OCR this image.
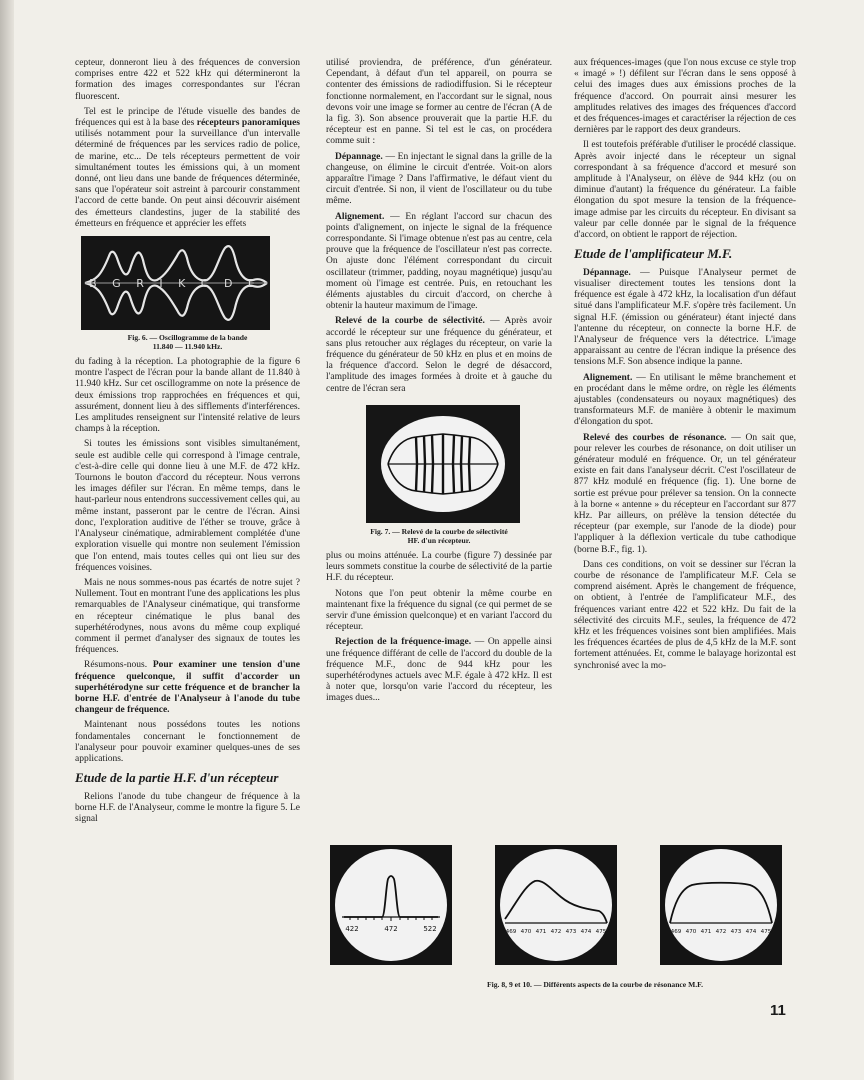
cepteur, donneront lieu à des fréquences de conversion comprises entre 422 et 522 kHz qui détermineront la formation des images correspondantes sur l'écran fluorescent.

Tel est le principe de l'étude visuelle des bandes de fréquences qui est à la base des récepteurs panoramiques utilisés notamment pour la surveillance d'un intervalle déterminé de fréquences par les services radio de police, de marine, etc... De tels récepteurs permettent de voir simultanément toutes les émissions qui, à un moment donné, ont lieu dans une bande de fréquences déterminée, sans que l'opérateur soit astreint à parcourir constamment l'accord de cette bande. On peut ainsi découvrir aisément des émetteurs clandestins, juger de la stabilité des émetteurs en fréquence et apprécier les effets

B G R I K C D E
Fig. 6. — Oscillogramme de la bande
11.840 — 11.940 kHz.

du fading à la réception. La photographie de la figure 6 montre l'aspect de l'écran pour la bande allant de 11.840 à 11.940 kHz. Sur cet oscillogramme on note la présence de deux émissions trop rapprochées en fréquences et qui, assurément, donnent lieu à des sifflements d'interférences. Les amplitudes renseignent sur l'intensité relative de leurs champs à la réception.

Si toutes les émissions sont visibles simultanément, seule est audible celle qui correspond à l'image centrale, c'est-à-dire celle qui donne lieu à une M.F. de 472 kHz. Tournons le bouton d'accord du récepteur. Nous verrons les images défiler sur l'écran. En même temps, dans le haut-parleur nous entendrons successivement celles qui, au même instant, passeront par le centre de l'écran. Ainsi donc, l'exploration auditive de l'éther se trouve, grâce à l'Analyseur cinématique, admirablement complétée d'une exploration visuelle qui montre non seulement l'émission que l'on entend, mais toutes celles qui ont lieu sur des fréquences voisines.

Mais ne nous sommes-nous pas écartés de notre sujet ? Nullement. Tout en montrant l'une des applications les plus remarquables de l'Analyseur cinématique, qui transforme en récepteur cinématique le plus banal des superhétérodynes, nous avons du même coup expliqué comment il permet d'analyser des signaux de toutes les fréquences.

Résumons-nous. Pour examiner une tension d'une fréquence quelconque, il suffit d'accorder un superhétérodyne sur cette fréquence et de brancher la borne H.F. d'entrée de l'Analyseur à l'anode du tube changeur de fréquence.

Maintenant nous possédons toutes les notions fondamentales concernant le fonctionnement de l'analyseur pour pouvoir examiner quelques-unes de ses applications.

Etude de la partie H.F. d'un récepteur

Relions l'anode du tube changeur de fréquence à la borne H.F. de l'Analyseur, comme le montre la figure 5. Le signal

utilisé proviendra, de préférence, d'un générateur. Cependant, à défaut d'un tel appareil, on pourra se contenter des émissions de radiodiffusion. Si le récepteur fonctionne normalement, en l'accordant sur le signal, nous devons voir une image se former au centre de l'écran (A de la fig. 3). Son absence prouverait que la partie H.F. du récepteur est en panne. Si tel est le cas, on procédera comme suit :

Dépannage. — En injectant le signal dans la grille de la changeuse, on élimine le circuit d'entrée. Voit-on alors apparaître l'image ? Dans l'affirmative, le défaut vient du circuit d'entrée. Si non, il vient de l'oscillateur ou du tube même.

Alignement. — En réglant l'accord sur chacun des points d'alignement, on injecte le signal de la fréquence correspondante. Si l'image obtenue n'est pas au centre, cela prouve que la fréquence de l'oscillateur n'est pas correcte. On ajuste donc l'élément correspondant du circuit oscillateur (trimmer, padding, noyau magnétique) jusqu'au moment où l'image est centrée. Puis, en retouchant les éléments ajustables du circuit d'accord, on cherche à obtenir la hauteur maximum de l'image.

Relevé de la courbe de sélectivité. — Après avoir accordé le récepteur sur une fréquence du générateur, et sans plus retoucher aux réglages du récepteur, on varie la fréquence du générateur de 50 kHz en plus et en moins de la fréquence d'accord. Selon le degré de désaccord, l'amplitude des images formées à droite et à gauche du centre de l'écran sera

Fig. 7. — Relevé de la courbe de sélectivité
HF. d'un récepteur.

plus ou moins atténuée. La courbe (figure 7) dessinée par leurs sommets constitue la courbe de sélectivité de la partie H.F. du récepteur.

Notons que l'on peut obtenir la même courbe en maintenant fixe la fréquence du signal (ce qui permet de se servir d'une émission quelconque) et en variant l'accord du récepteur.

Rejection de la fréquence-image. — On appelle ainsi une fréquence différant de celle de l'accord du double de la fréquence M.F., donc de 944 kHz pour les superhétérodynes actuels avec M.F. égale à 472 kHz. Il est à noter que, lorsqu'on varie l'accord du récepteur, les images dues...

aux fréquences-images (que l'on nous excuse ce style trop « imagé » !) défilent sur l'écran dans le sens opposé à celui des images dues aux émissions proches de la fréquence d'accord. On pourrait ainsi mesurer les amplitudes relatives des images des fréquences d'accord et des fréquences-images et caractériser la réjection de ces dernières par le rapport des deux grandeurs.

Il est toutefois préférable d'utiliser le procédé classique. Après avoir injecté dans le récepteur un signal correspondant à sa fréquence d'accord et mesuré son amplitude à l'Analyseur, on élève de 944 kHz (ou on diminue d'autant) la fréquence du générateur. La faible élongation du spot mesure la tension de la fréquence-image admise par les circuits du récepteur. En divisant sa valeur par celle donnée par le signal de la fréquence d'accord, on obtient le rapport de réjection.

Etude de l'amplificateur M.F.

Dépannage. — Puisque l'Analyseur permet de visualiser directement toutes les tensions dont la fréquence est égale à 472 kHz, la localisation d'un défaut situé dans l'amplificateur M.F. s'opère très facilement. Un signal H.F. (émission ou générateur) étant injecté dans l'antenne du récepteur, on connecte la borne H.F. de l'Analyseur de fréquence vers la détectrice. L'image apparaissant au centre de l'écran indique la présence des tensions M.F. Son absence indique la panne.

Alignement. — En utilisant le même branchement et en procédant dans le même ordre, on règle les éléments ajustables (condensateurs ou noyaux magnétiques) des transformateurs M.F. de manière à obtenir le maximum d'élongation du spot.

Relevé des courbes de résonance. — On sait que, pour relever les courbes de résonance, on doit utiliser un générateur modulé en fréquence. Or, un tel générateur existe en fait dans l'analyseur décrit. C'est l'oscillateur de 877 kHz modulé en fréquence (fig. 1). Une borne de sortie est prévue pour prélever sa tension. On la connecte à la borne « antenne » du récepteur en l'accordant sur 877 kHz. Par ailleurs, on prélève la tension détectée du récepteur (par exemple, sur l'anode de la diode) pour l'appliquer à la déflexion verticale du tube cathodique (borne B.F., fig. 1).

Dans ces conditions, on voit se dessiner sur l'écran la courbe de résonance de l'amplificateur M.F. Cela se comprend aisément. Après le changement de fréquence, on obtient, à l'entrée de l'amplificateur M.F., des fréquences variant entre 422 et 522 kHz. Du fait de la sélectivité des circuits M.F., seules, la fréquence de 472 kHz et les fréquences voisines sont bien amplifiées. Mais les fréquences écartées de plus de 4,5 kHz de la M.F. sont fortement atténuées. Et, comme le balayage horizontal est synchronisé avec la mo-

422	472	522	469 470 471 472 473 474 475	469 470 471 472 473 474 475
Fig. 8, 9 et 10. — Différents aspects de la courbe de résonance M.F.
11
